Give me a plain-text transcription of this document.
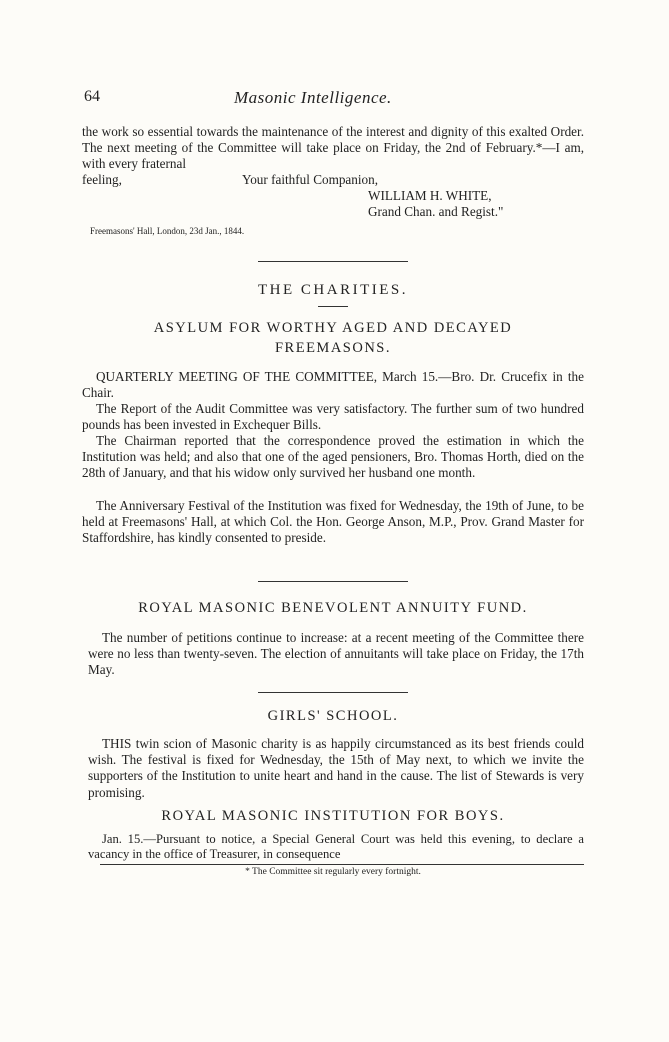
64	Masonic Intelligence.

the work so essential towards the maintenance of the interest and dignity of this exalted Order. The next meeting of the Committee will take place on Friday, the 2nd of February.*—I am, with every fraternal

feeling,	Your faithful Companion,
WILLIAM H. WHITE,
Grand Chan. and Regist."
Freemasons' Hall, London, 23d Jan., 1844.
THE CHARITIES.
ASYLUM FOR WORTHY AGED AND DECAYED
FREEMASONS.

QUARTERLY MEETING OF THE COMMITTEE, March 15.—Bro. Dr. Crucefix in the Chair.

The Report of the Audit Committee was very satisfactory. The further sum of two hundred pounds has been invested in Exchequer Bills.

The Chairman reported that the correspondence proved the estimation in which the Institution was held; and also that one of the aged pensioners, Bro. Thomas Horth, died on the 28th of January, and that his widow only survived her husband one month.

The Anniversary Festival of the Institution was fixed for Wednesday, the 19th of June, to be held at Freemasons' Hall, at which Col. the Hon. George Anson, M.P., Prov. Grand Master for Staffordshire, has kindly consented to preside.

ROYAL MASONIC BENEVOLENT ANNUITY FUND.

The number of petitions continue to increase: at a recent meeting of the Committee there were no less than twenty-seven. The election of annuitants will take place on Friday, the 17th May.

GIRLS' SCHOOL.

THIS twin scion of Masonic charity is as happily circumstanced as its best friends could wish. The festival is fixed for Wednesday, the 15th of May next, to which we invite the supporters of the Institution to unite heart and hand in the cause. The list of Stewards is very promising.

ROYAL MASONIC INSTITUTION FOR BOYS.

Jan. 15.—Pursuant to notice, a Special General Court was held this evening, to declare a vacancy in the office of Treasurer, in consequence

* The Committee sit regularly every fortnight.
